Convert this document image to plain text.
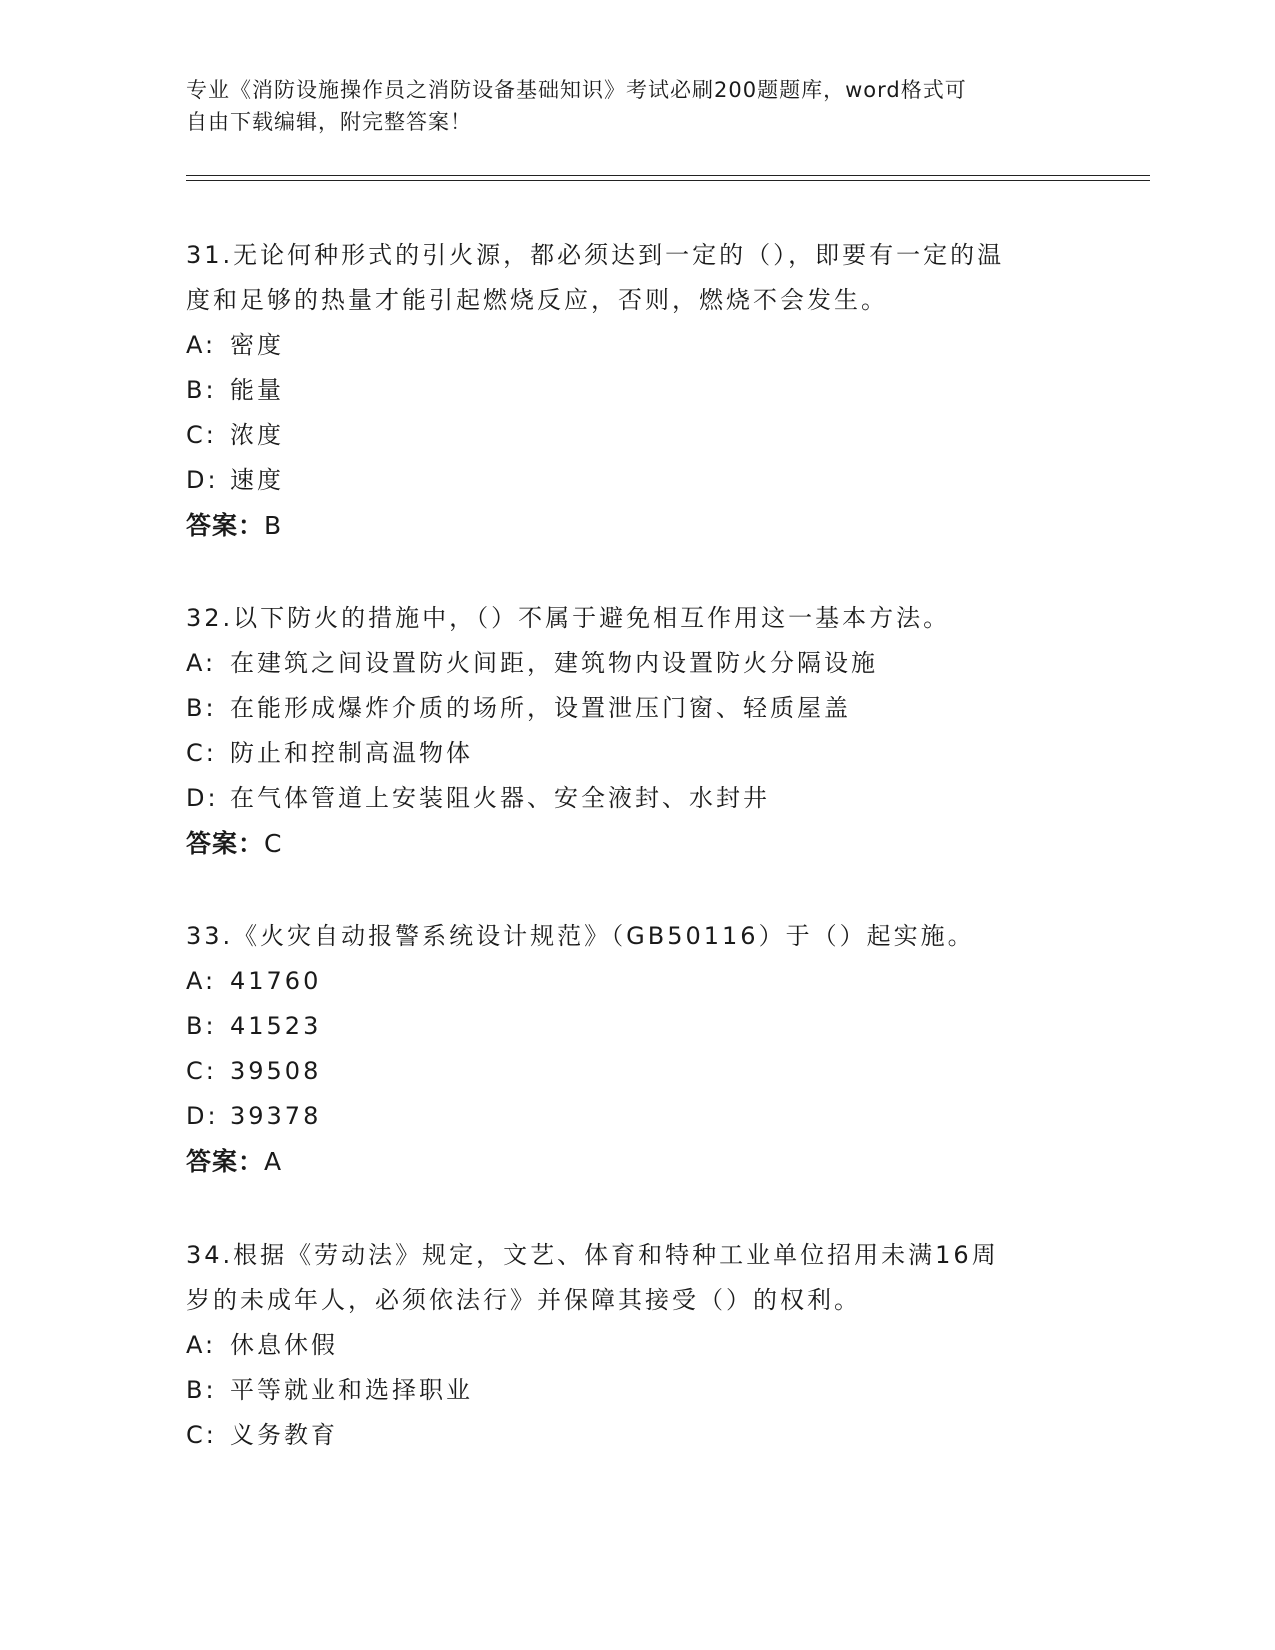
专业《消防设施操作员之消防设备基础知识》考试必刷200题题库，word格式可
自由下载编辑，附完整答案！
31.无论何种形式的引火源，都必须达到一定的（），即要有一定的温
度和足够的热量才能引起燃烧反应，否则，燃烧不会发生。
A: 密度
B: 能量
C: 浓度
D: 速度
答案：B
32.以下防火的措施中，（）不属于避免相互作用这一基本方法。
A: 在建筑之间设置防火间距，建筑物内设置防火分隔设施
B: 在能形成爆炸介质的场所，设置泄压门窗、轻质屋盖
C: 防止和控制高温物体
D: 在气体管道上安装阻火器、安全液封、水封井
答案：C
33.《火灾自动报警系统设计规范》（GB50116）于（）起实施。
A: 41760
B: 41523
C: 39508
D: 39378
答案：A
34.根据《劳动法》规定，文艺、体育和特种工业单位招用未满16周
岁的未成年人，必须依法行》并保障其接受（）的权利。
A: 休息休假
B: 平等就业和选择职业
C: 义务教育
